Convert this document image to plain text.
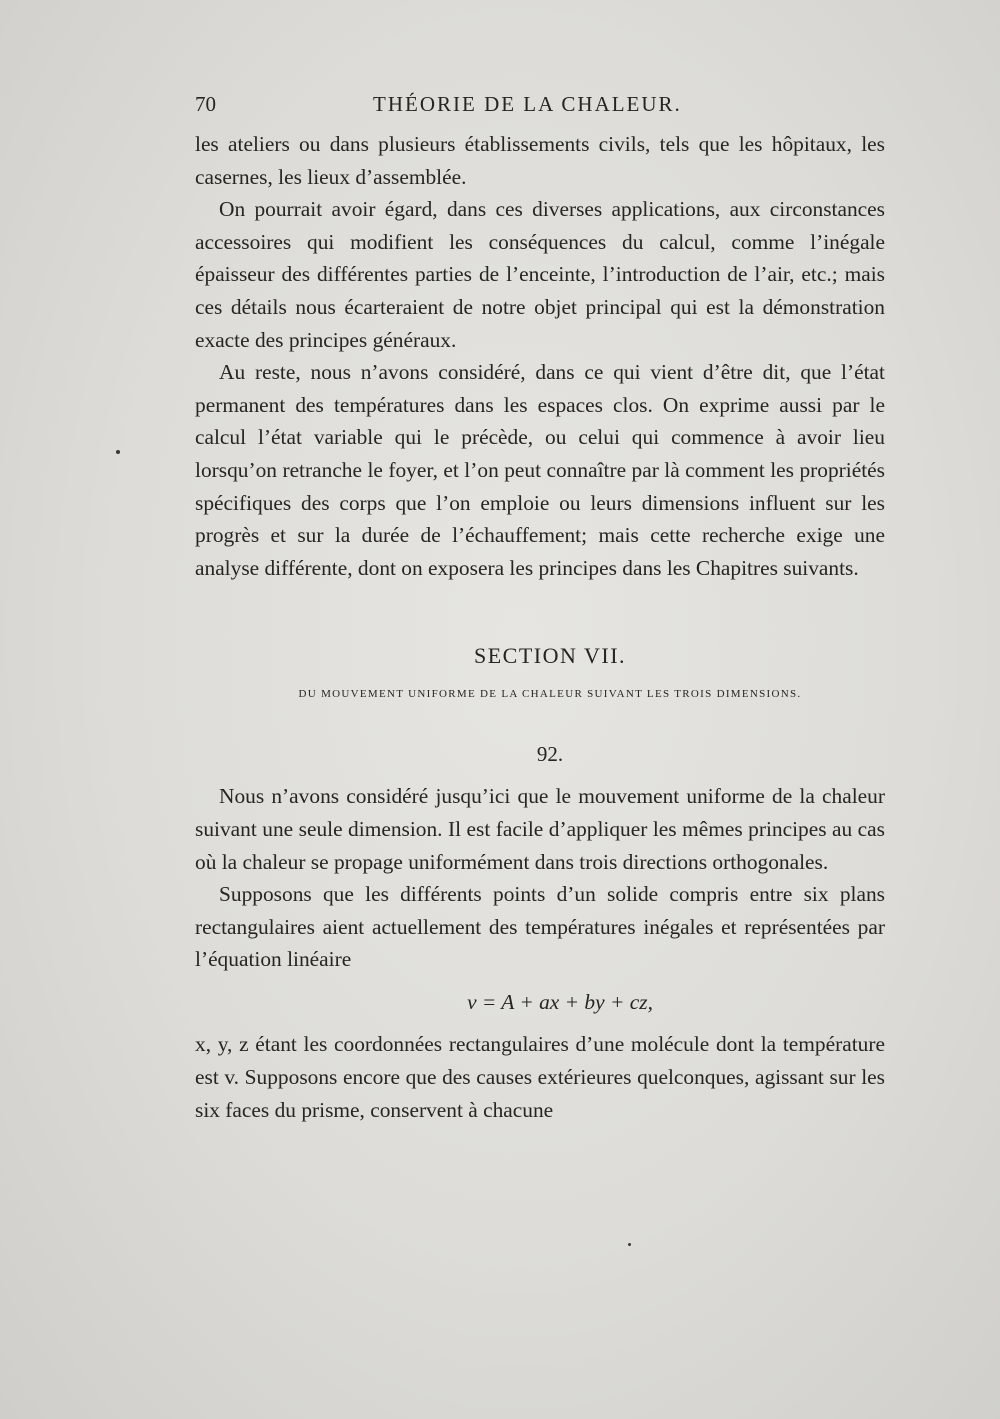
70	THÉORIE DE LA CHALEUR.

les ateliers ou dans plusieurs établissements civils, tels que les hôpitaux, les casernes, les lieux d’assemblée.

On pourrait avoir égard, dans ces diverses applications, aux circonstances accessoires qui modifient les conséquences du calcul, comme l’inégale épaisseur des différentes parties de l’enceinte, l’introduction de l’air, etc.; mais ces détails nous écarteraient de notre objet principal qui est la démonstration exacte des principes généraux.

Au reste, nous n’avons considéré, dans ce qui vient d’être dit, que l’état permanent des températures dans les espaces clos. On exprime aussi par le calcul l’état variable qui le précède, ou celui qui commence à avoir lieu lorsqu’on retranche le foyer, et l’on peut connaître par là comment les propriétés spécifiques des corps que l’on emploie ou leurs dimensions influent sur les progrès et sur la durée de l’échauffement; mais cette recherche exige une analyse différente, dont on exposera les principes dans les Chapitres suivants.

SECTION VII.
DU MOUVEMENT UNIFORME DE LA CHALEUR SUIVANT LES TROIS DIMENSIONS.
92.

Nous n’avons considéré jusqu’ici que le mouvement uniforme de la chaleur suivant une seule dimension. Il est facile d’appliquer les mêmes principes au cas où la chaleur se propage uniformément dans trois directions orthogonales.

Supposons que les différents points d’un solide compris entre six plans rectangulaires aient actuellement des températures inégales et représentées par l’équation linéaire

v = A + ax + by + cz,

x, y, z étant les coordonnées rectangulaires d’une molécule dont la température est v. Supposons encore que des causes extérieures quelconques, agissant sur les six faces du prisme, conservent à chacune
